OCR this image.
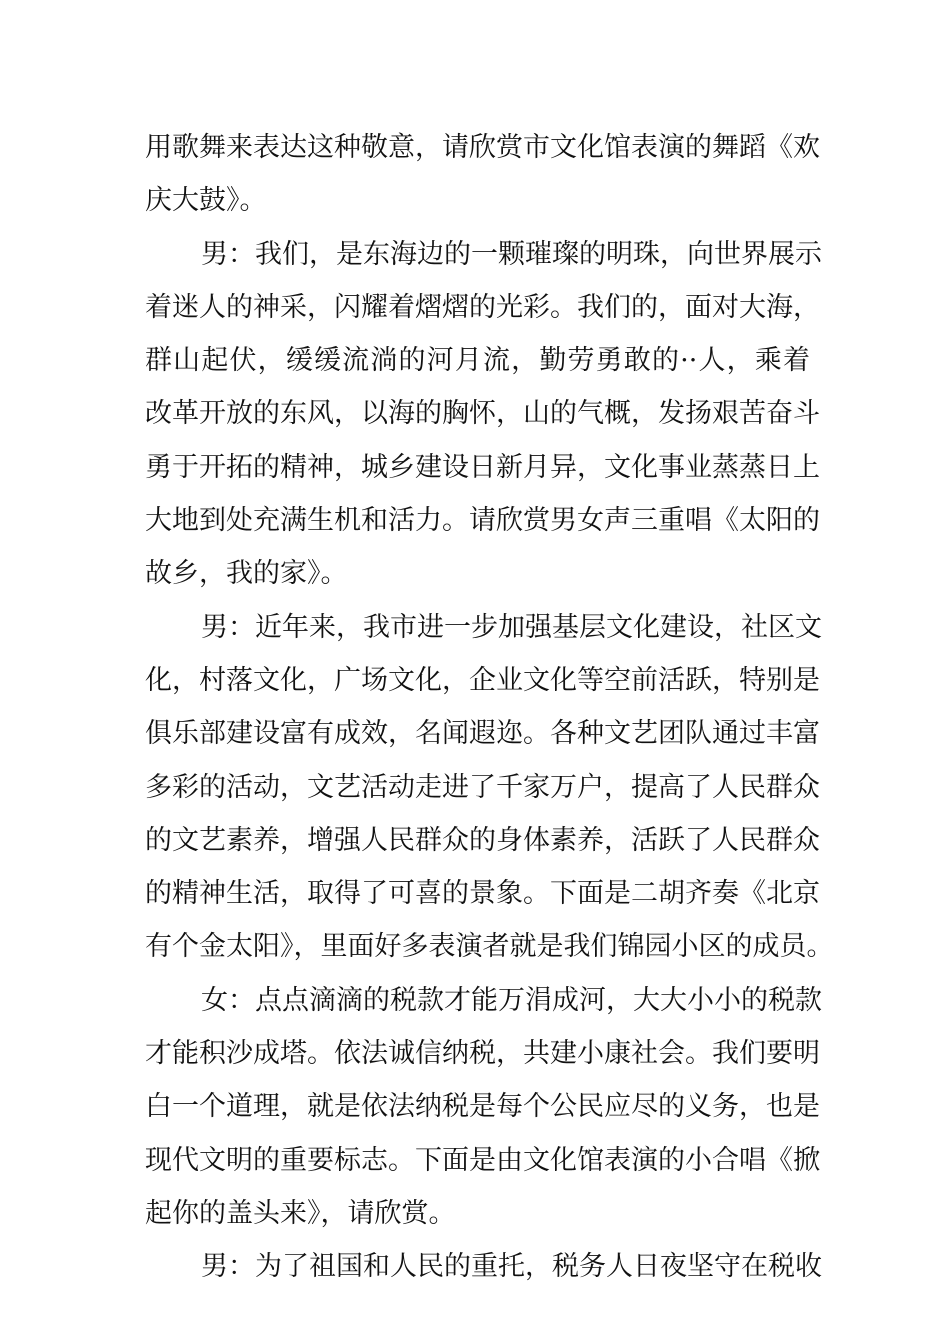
用歌舞来表达这种敬意，请欣赏市文化馆表演的舞蹈《欢
庆大鼓》。
男：我们，是东海边的一颗璀璨的明珠，向世界展示
着迷人的神采，闪耀着熠熠的光彩。我们的，面对大海，
群山起伏，缓缓流淌的河月流，勤劳勇敢的··人，乘着
改革开放的东风，以海的胸怀，山的气概，发扬艰苦奋斗
勇于开拓的精神，城乡建设日新月异，文化事业蒸蒸日上
大地到处充满生机和活力。请欣赏男女声三重唱《太阳的
故乡，我的家》。
男：近年来，我市进一步加强基层文化建设，社区文
化，村落文化，广场文化，企业文化等空前活跃，特别是
俱乐部建设富有成效，名闻遐迩。各种文艺团队通过丰富
多彩的活动，文艺活动走进了千家万户，提高了人民群众
的文艺素养，增强人民群众的身体素养，活跃了人民群众
的精神生活，取得了可喜的景象。下面是二胡齐奏《北京
有个金太阳》，里面好多表演者就是我们锦园小区的成员。
女：点点滴滴的税款才能万涓成河，大大小小的税款
才能积沙成塔。依法诚信纳税，共建小康社会。我们要明
白一个道理，就是依法纳税是每个公民应尽的义务，也是
现代文明的重要标志。下面是由文化馆表演的小合唱《掀
起你的盖头来》，请欣赏。
男：为了祖国和人民的重托，税务人日夜坚守在税收
